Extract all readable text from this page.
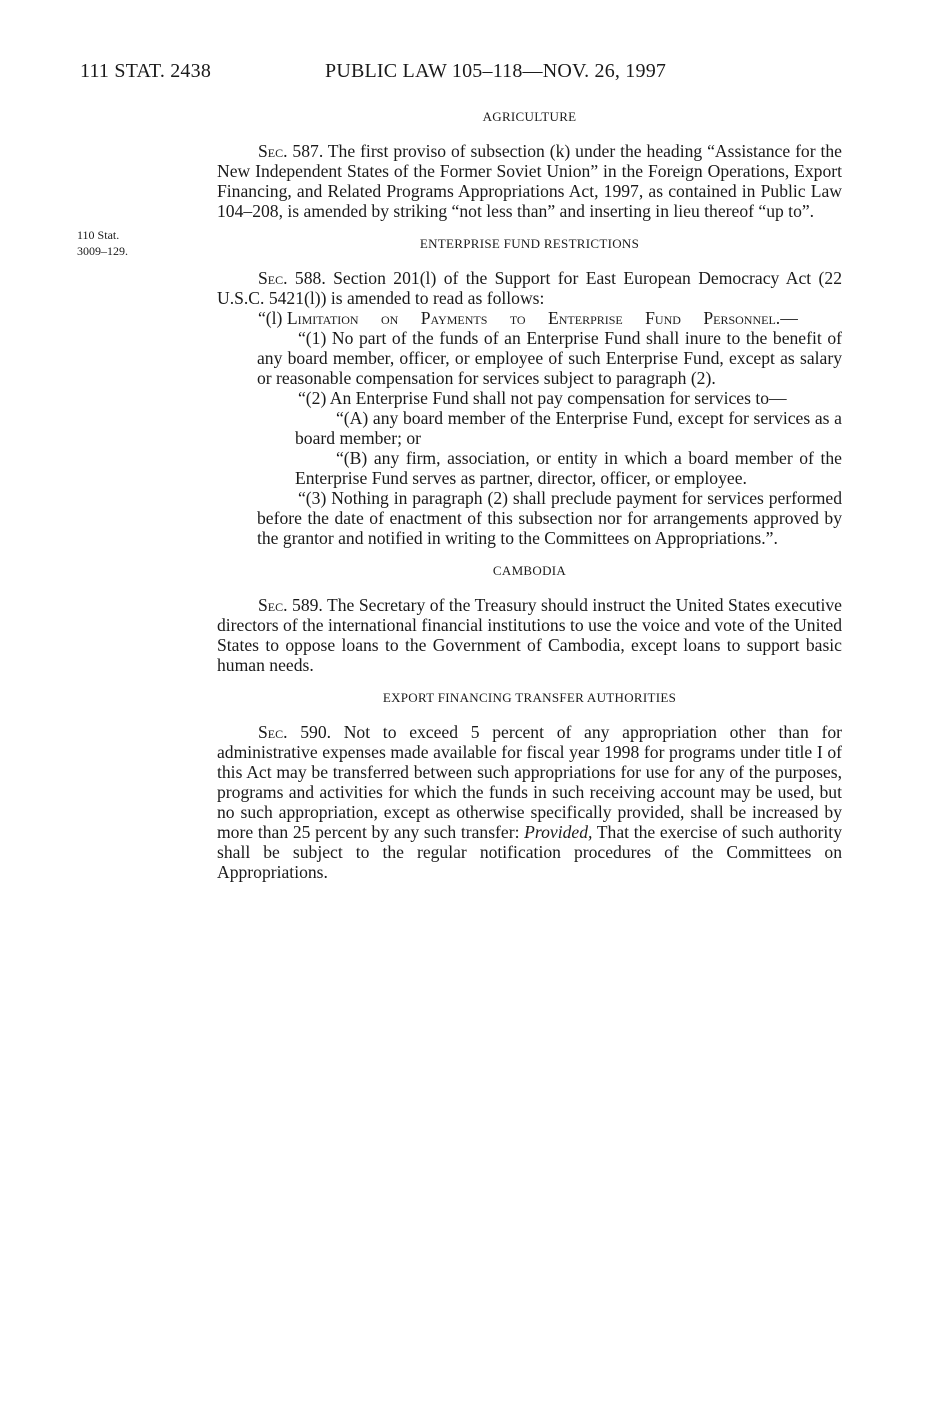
111 STAT. 2438	PUBLIC LAW 105–118—NOV. 26, 1997
110 Stat.
3009–129.
AGRICULTURE

Sec. 587. The first proviso of subsection (k) under the heading “Assistance for the New Independent States of the Former Soviet Union” in the Foreign Operations, Export Financing, and Related Programs Appropriations Act, 1997, as contained in Public Law 104–208, is amended by striking “not less than” and inserting in lieu thereof “up to”.

ENTERPRISE FUND RESTRICTIONS

Sec. 588. Section 201(l) of the Support for East European Democracy Act (22 U.S.C. 5421(l)) is amended to read as follows:

“(l) Limitation on Payments to Enterprise Fund Personnel.—

“(1) No part of the funds of an Enterprise Fund shall inure to the benefit of any board member, officer, or employee of such Enterprise Fund, except as salary or reasonable compensation for services subject to paragraph (2).

“(2) An Enterprise Fund shall not pay compensation for services to—

“(A) any board member of the Enterprise Fund, except for services as a board member; or

“(B) any firm, association, or entity in which a board member of the Enterprise Fund serves as partner, director, officer, or employee.

“(3) Nothing in paragraph (2) shall preclude payment for services performed before the date of enactment of this subsection nor for arrangements approved by the grantor and notified in writing to the Committees on Appropriations.”.

CAMBODIA

Sec. 589. The Secretary of the Treasury should instruct the United States executive directors of the international financial institutions to use the voice and vote of the United States to oppose loans to the Government of Cambodia, except loans to support basic human needs.

EXPORT FINANCING TRANSFER AUTHORITIES

Sec. 590. Not to exceed 5 percent of any appropriation other than for administrative expenses made available for fiscal year 1998 for programs under title I of this Act may be transferred between such appropriations for use for any of the purposes, programs and activities for which the funds in such receiving account may be used, but no such appropriation, except as otherwise specifically provided, shall be increased by more than 25 percent by any such transfer: Provided, That the exercise of such authority shall be subject to the regular notification procedures of the Committees on Appropriations.
